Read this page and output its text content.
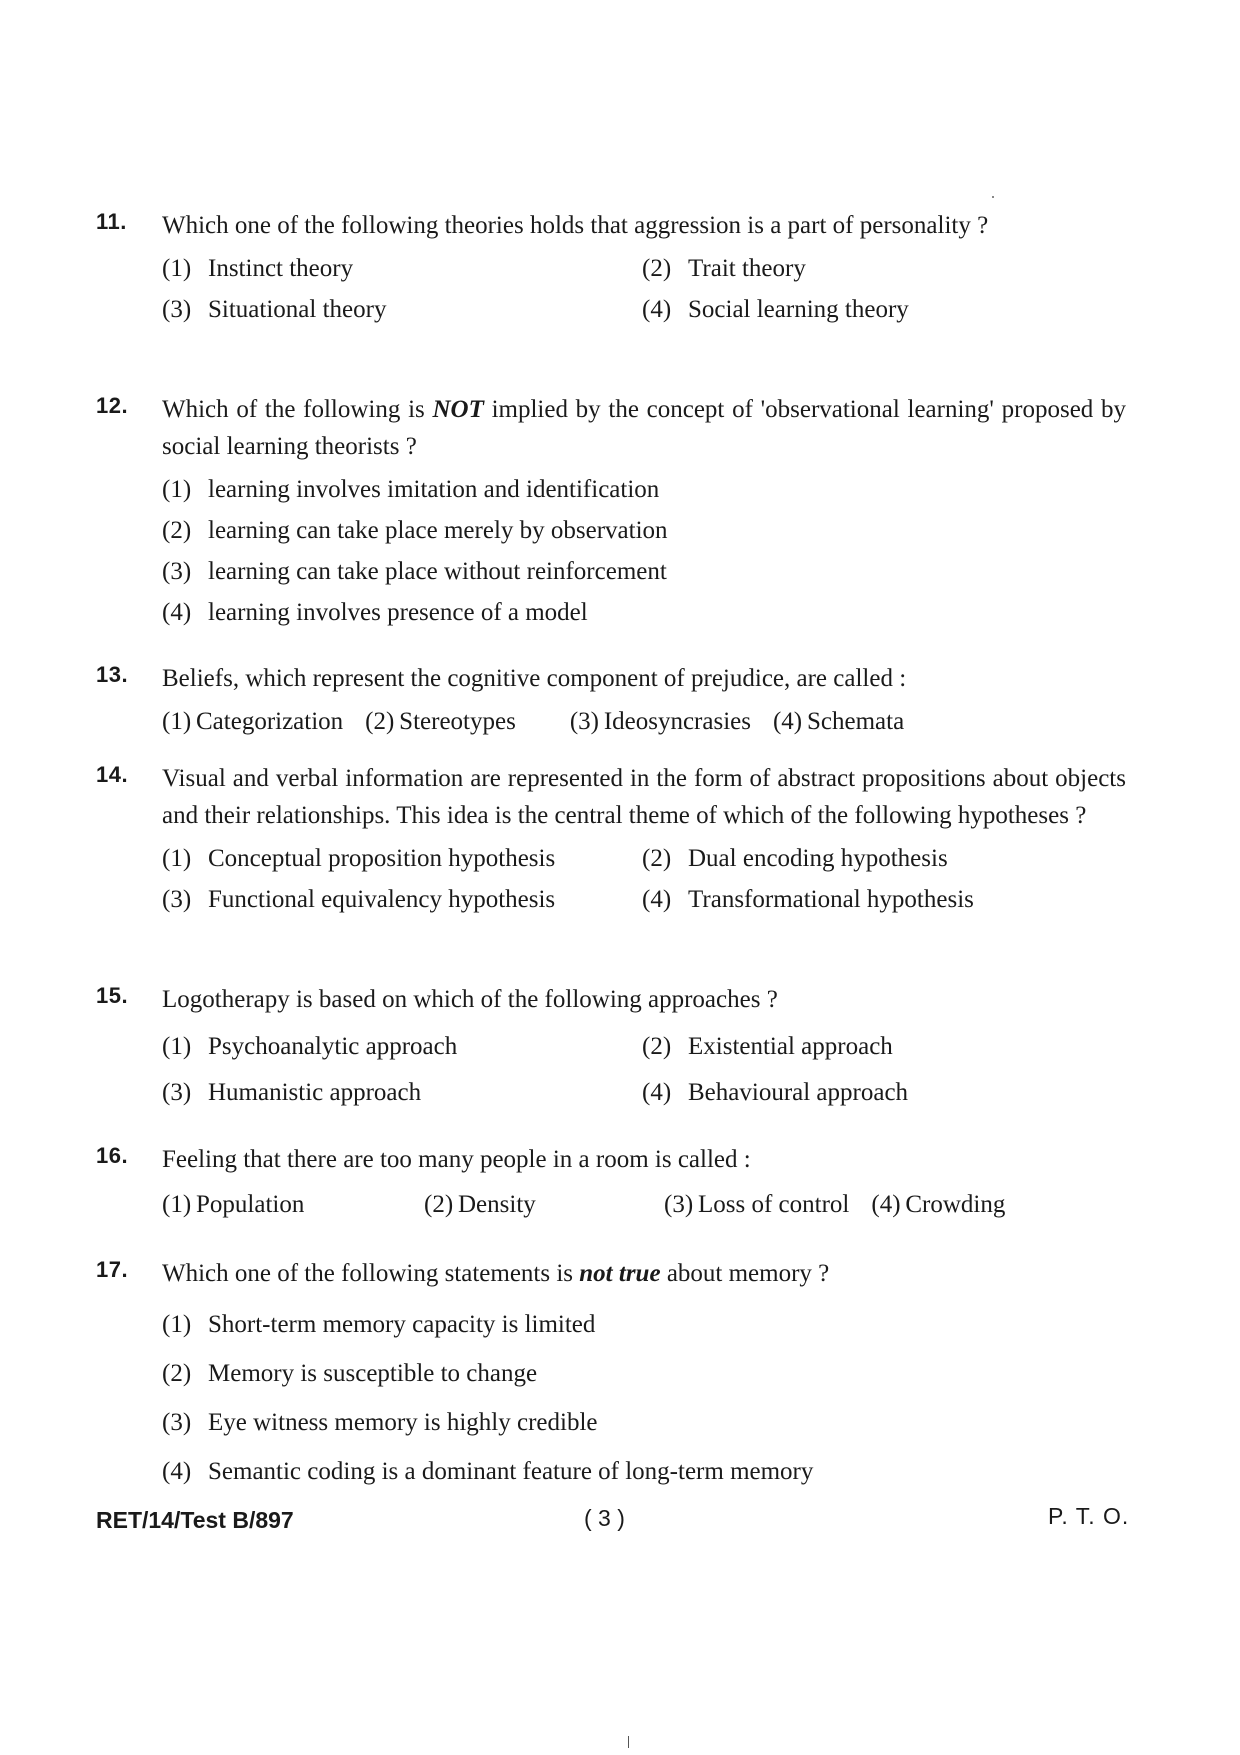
11. Which one of the following theories holds that aggression is a part of personality ?
(1) Instinct theory	(2) Trait theory
(3) Situational theory	(4) Social learning theory
12. Which of the following is NOT implied by the concept of 'observational learning' proposed by social learning theorists ?
(1) learning involves imitation and identification
(2) learning can take place merely by observation
(3) learning can take place without reinforcement
(4) learning involves presence of a model
13. Beliefs, which represent the cognitive component of prejudice, are called :
(1) Categorization (2) Stereotypes (3) Ideosyncrasies (4) Schemata
14. Visual and verbal information are represented in the form of abstract propositions about objects and their relationships. This idea is the central theme of which of the following hypotheses ?
(1) Conceptual proposition hypothesis	(2) Dual encoding hypothesis
(3) Functional equivalency hypothesis	(4) Transformational hypothesis
15. Logotherapy is based on which of the following approaches ?
(1) Psychoanalytic approach	(2) Existential approach
(3) Humanistic approach	(4) Behavioural approach
16. Feeling that there are too many people in a room is called :
(1) Population	(2) Density	(3) Loss of control (4) Crowding
17. Which one of the following statements is not true about memory ?
(1) Short-term memory capacity is limited
(2) Memory is susceptible to change
(3) Eye witness memory is highly credible
(4) Semantic coding is a dominant feature of long-term memory
RET/14/Test B/897	( 3 )	P. T. O.
